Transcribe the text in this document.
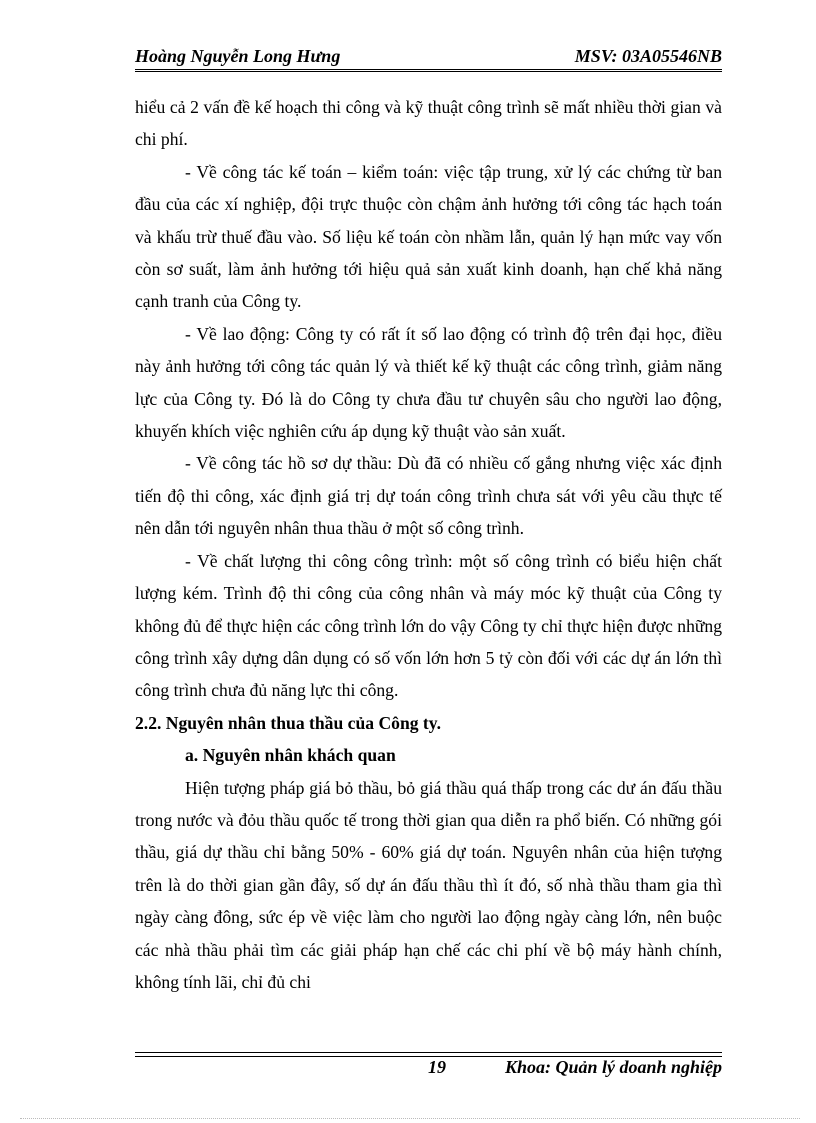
Hoàng Nguyễn Long Hưng	MSV: 03A05546NB

hiểu cả 2 vấn đề kế hoạch thi công và kỹ thuật công trình sẽ mất nhiều thời gian và chi phí.

- Về công tác kế toán – kiểm toán: việc tập trung, xử lý các chứng từ ban đầu của các xí nghiệp, đội trực thuộc còn chậm ảnh hưởng tới công tác hạch toán và khấu trừ thuế đầu vào. Số liệu kế toán còn nhầm lẫn, quản lý hạn mức vay vốn còn sơ suất, làm ảnh hưởng tới hiệu quả sản xuất kinh doanh, hạn chế khả năng cạnh tranh của Công ty.

- Về lao động: Công ty có rất ít số lao động có trình độ trên đại học, điều này ảnh hưởng tới công tác quản lý và thiết kế kỹ thuật các công trình, giảm năng lực của Công ty. Đó là do Công ty chưa đầu tư chuyên sâu cho người lao động, khuyến khích việc nghiên cứu áp dụng kỹ thuật vào sản xuất.

- Về công tác hồ sơ dự thầu: Dù đã có nhiều cố gắng nhưng việc xác định tiến độ thi công, xác định giá trị dự toán công trình chưa sát với yêu cầu thực tế nên dẫn tới nguyên nhân thua thầu ở một số công trình.

- Về chất lượng thi công công trình: một số công trình có biểu hiện chất lượng kém. Trình độ thi công của công nhân và máy móc kỹ thuật của Công ty không đủ để thực hiện các công trình lớn do vậy Công ty chỉ thực hiện được những công trình xây dựng dân dụng có số vốn lớn hơn 5 tỷ còn đối với các dự án lớn thì công trình chưa đủ năng lực thi công.

2.2. Nguyên nhân thua thầu của Công ty.
a. Nguyên nhân khách quan

Hiện tượng pháp giá bỏ thầu, bỏ giá thầu quá thấp trong các dư án đấu thầu trong nước và đỏu thầu quốc tế trong thời gian qua diễn ra phổ biến. Có những gói thầu, giá dự thầu chỉ bằng 50% - 60% giá dự toán. Nguyên nhân của hiện tượng trên là do thời gian gần đây, số dự án đấu thầu thì ít đó, số nhà thầu tham gia thì ngày càng đông, sức ép về việc làm cho người lao động ngày càng lớn, nên buộc các nhà thầu phải tìm các giải pháp hạn chế các chi phí về bộ máy hành chính, không tính lãi, chỉ đủ chi

19	Khoa: Quản lý doanh nghiệp
